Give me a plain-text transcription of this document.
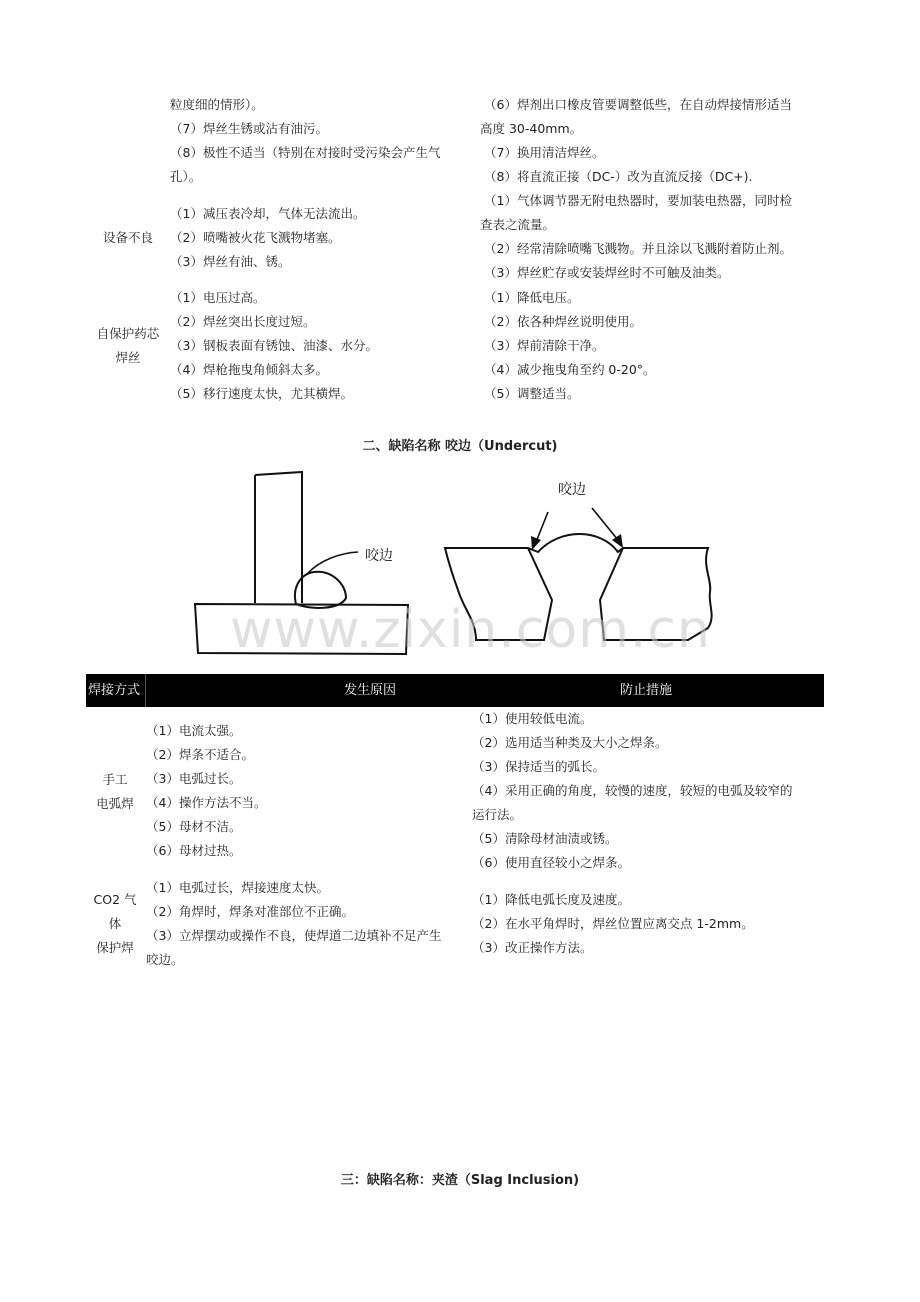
粒度细的情形）。
（7）焊丝生锈或沾有油污。
（8）极性不适当（特别在对接时受污染会产生气
孔）。
（6）焊剂出口橡皮管要调整低些，在自动焊接情形适当
高度 30-40mm。
（7）换用清洁焊丝。
（8）将直流正接（DC-）改为直流反接（DC+).
设备不良
（1）减压表冷却，气体无法流出。
（2）喷嘴被火花飞溅物堵塞。
（3）焊丝有油、锈。
（1）气体调节器无附电热器时，要加装电热器，同时检
查表之流量。
（2）经常清除喷嘴飞溅物。并且涂以飞溅附着防止剂。
（3）焊丝贮存或安装焊丝时不可触及油类。
自保护药芯
焊丝
（1）电压过高。
（2）焊丝突出长度过短。
（3）钢板表面有锈蚀、油漆、水分。
（4）焊枪拖曳角倾斜太多。
（5）移行速度太快，尤其横焊。
（1）降低电压。
（2）依各种焊丝说明使用。
（3）焊前清除干净。
（4）减少拖曳角至约 0-20°。
（5）调整适当。
二、缺陷名称 咬边（Undercut)
咬边
咬边
www.zixin.com.cn
焊接方式	发生原因	防止措施
手工
电弧焊
（1）电流太强。
（2）焊条不适合。
（3）电弧过长。
（4）操作方法不当。
（5）母材不洁。
（6）母材过热。
（1）使用较低电流。
（2）选用适当种类及大小之焊条。
（3）保持适当的弧长。
（4）采用正确的角度，较慢的速度，较短的电弧及较窄的
运行法。
（5）清除母材油渍或锈。
（6）使用直径较小之焊条。
CO2 气
体
保护焊
（1）电弧过长，焊接速度太快。
（2）角焊时，焊条对准部位不正确。
（3）立焊摆动或操作不良，使焊道二边填补不足产生
咬边。
（1）降低电弧长度及速度。
（2）在水平角焊时，焊丝位置应离交点 1-2mm。
（3）改正操作方法。
三：缺陷名称：夹渣（Slag Inclusion)
